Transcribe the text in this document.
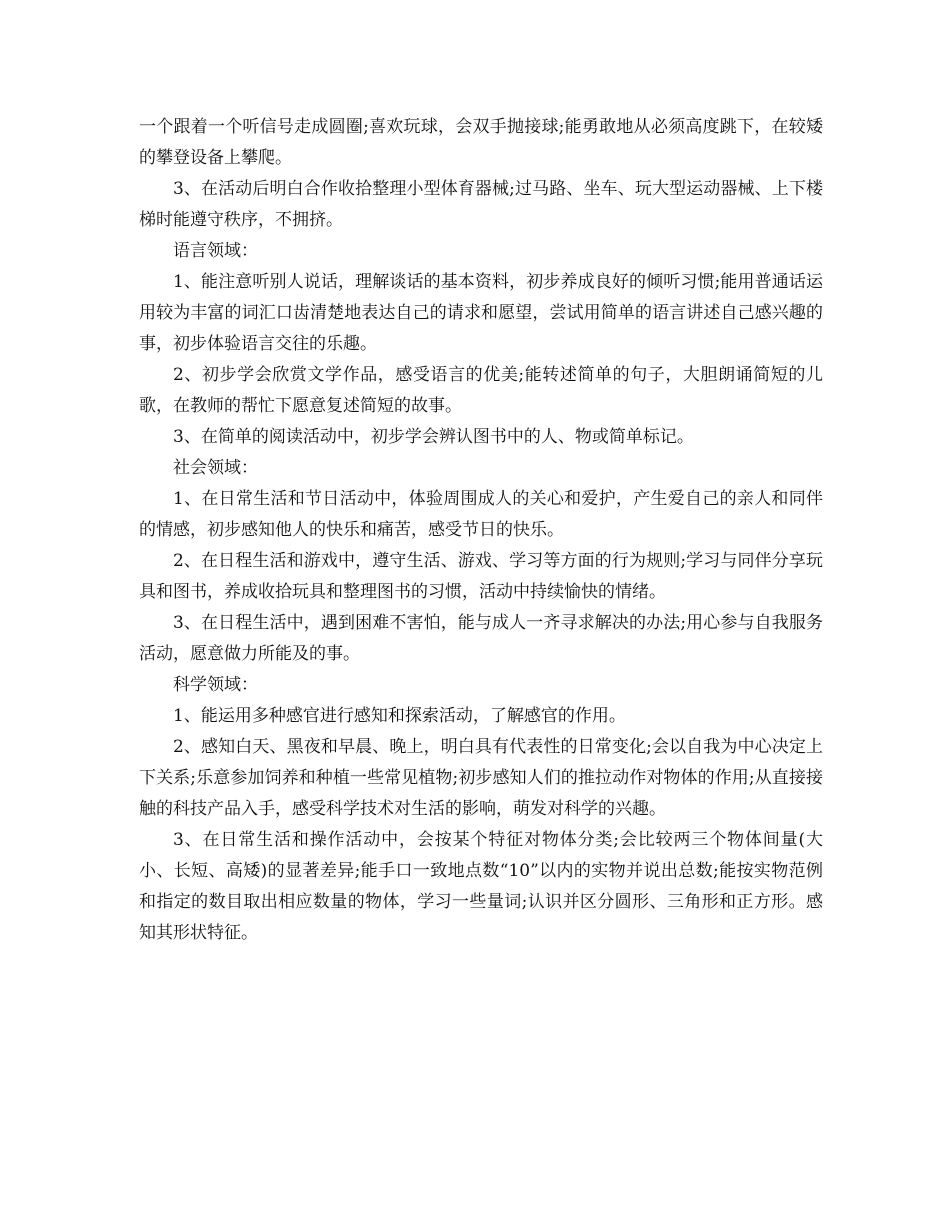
一个跟着一个听信号走成圆圈;喜欢玩球，会双手抛接球;能勇敢地从必须高度跳下，在较矮的攀登设备上攀爬。

3、在活动后明白合作收拾整理小型体育器械;过马路、坐车、玩大型运动器械、上下楼梯时能遵守秩序，不拥挤。

语言领域：

1、能注意听别人说话，理解谈话的基本资料，初步养成良好的倾听习惯;能用普通话运用较为丰富的词汇口齿清楚地表达自己的请求和愿望，尝试用简单的语言讲述自己感兴趣的事，初步体验语言交往的乐趣。

2、初步学会欣赏文学作品，感受语言的优美;能转述简单的句子，大胆朗诵简短的儿歌，在教师的帮忙下愿意复述简短的故事。

3、在简单的阅读活动中，初步学会辨认图书中的人、物或简单标记。

社会领域：

1、在日常生活和节日活动中，体验周围成人的关心和爱护，产生爱自己的亲人和同伴的情感，初步感知他人的快乐和痛苦，感受节日的快乐。

2、在日程生活和游戏中，遵守生活、游戏、学习等方面的行为规则;学习与同伴分享玩具和图书，养成收拾玩具和整理图书的习惯，活动中持续愉快的情绪。

3、在日程生活中，遇到困难不害怕，能与成人一齐寻求解决的办法;用心参与自我服务活动，愿意做力所能及的事。

科学领域：

1、能运用多种感官进行感知和探索活动，了解感官的作用。

2、感知白天、黑夜和早晨、晚上，明白具有代表性的日常变化;会以自我为中心决定上下关系;乐意参加饲养和种植一些常见植物;初步感知人们的推拉动作对物体的作用;从直接接触的科技产品入手，感受科学技术对生活的影响，萌发对科学的兴趣。

3、在日常生活和操作活动中，会按某个特征对物体分类;会比较两三个物体间量(大小、长短、高矮)的显著差异;能手口一致地点数“10”以内的实物并说出总数;能按实物范例和指定的数目取出相应数量的物体，学习一些量词;认识并区分圆形、三角形和正方形。感知其形状特征。
